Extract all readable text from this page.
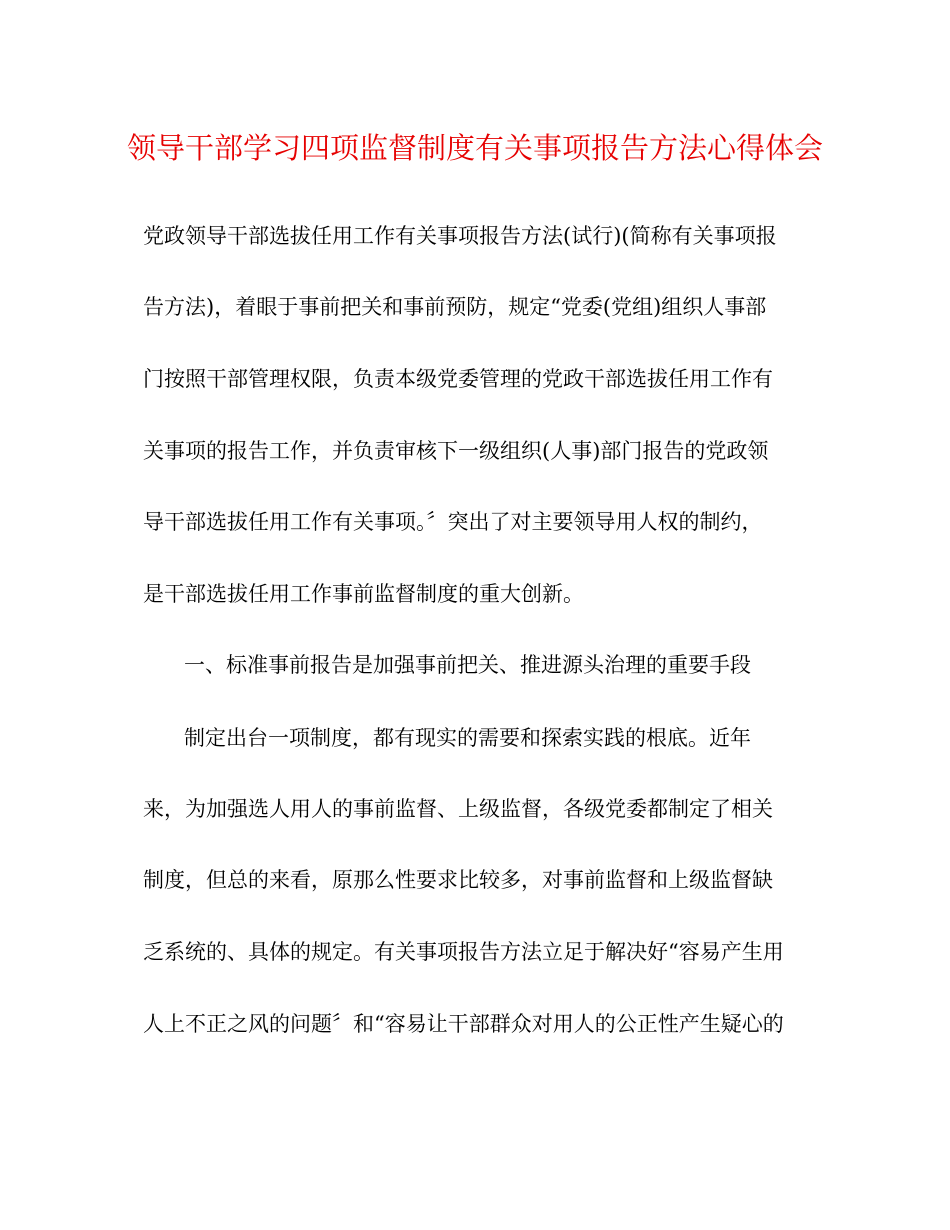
领导干部学习四项监督制度有关事项报告方法心得体会
党政领导干部选拔任用工作有关事项报告方法(试行)(简称有关事项报
告方法)，着眼于事前把关和事前预防，规定“党委(党组)组织人事部
门按照干部管理权限，负责本级党委管理的党政干部选拔任用工作有
关事项的报告工作，并负责审核下一级组织(人事)部门报告的党政领
导干部选拔任用工作有关事项。〞突出了对主要领导用人权的制约，
是干部选拔任用工作事前监督制度的重大创新。
一、标准事前报告是加强事前把关、推进源头治理的重要手段
制定出台一项制度，都有现实的需要和探索实践的根底。近年
来，为加强选人用人的事前监督、上级监督，各级党委都制定了相关
制度，但总的来看，原那么性要求比较多，对事前监督和上级监督缺
乏系统的、具体的规定。有关事项报告方法立足于解决好“容易产生用
人上不正之风的问题〞和“容易让干部群众对用人的公正性产生疑心的
